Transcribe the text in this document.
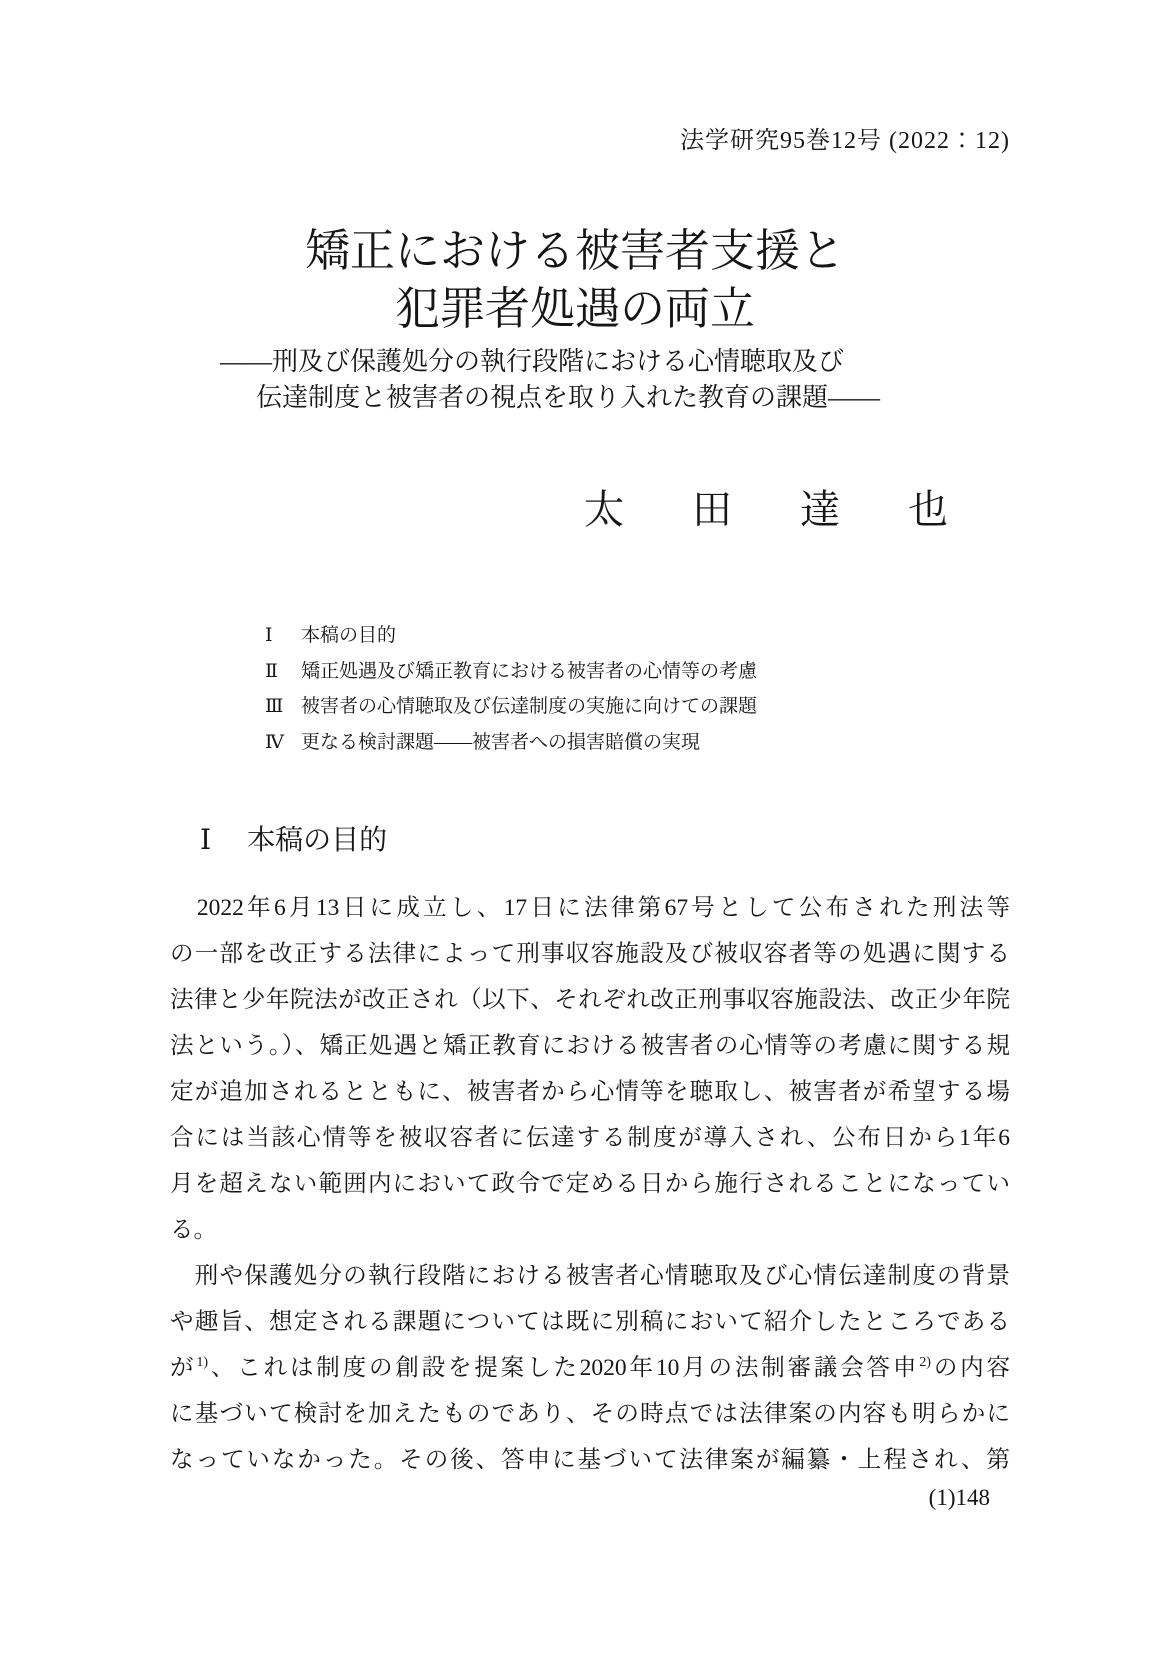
法学研究95巻12号 (2022：12)
矯正における被害者支援と
犯罪者処遇の両立
——刑及び保護処分の執行段階における心情聴取及び
伝達制度と被害者の視点を取り入れた教育の課題——
太　田　達　也
Ⅰ 本稿の目的
Ⅱ 矯正処遇及び矯正教育における被害者の心情等の考慮
Ⅲ 被害者の心情聴取及び伝達制度の実施に向けての課題
Ⅳ 更なる検討課題——被害者への損害賠償の実現
Ⅰ 本稿の目的
　2022年6月13日に成立し、17日に法律第67号として公布された刑法等
の一部を改正する法律によって刑事収容施設及び被収容者等の処遇に関する
法律と少年院法が改正され（以下、それぞれ改正刑事収容施設法、改正少年院
法という。）、矯正処遇と矯正教育における被害者の心情等の考慮に関する規
定が追加されるとともに、被害者から心情等を聴取し、被害者が希望する場
合には当該心情等を被収容者に伝達する制度が導入され、公布日から1年6
月を超えない範囲内において政令で定める日から施行されることになってい
る。
　刑や保護処分の執行段階における被害者心情聴取及び心情伝達制度の背景
や趣旨、想定される課題については既に別稿において紹介したところである
が$^{1)}$、これは制度の創設を提案した2020年10月の法制審議会答申$^{2)}$の内容
に基づいて検討を加えたものであり、その時点では法律案の内容も明らかに
なっていなかった。その後、答申に基づいて法律案が編纂・上程され、第
(1)148
